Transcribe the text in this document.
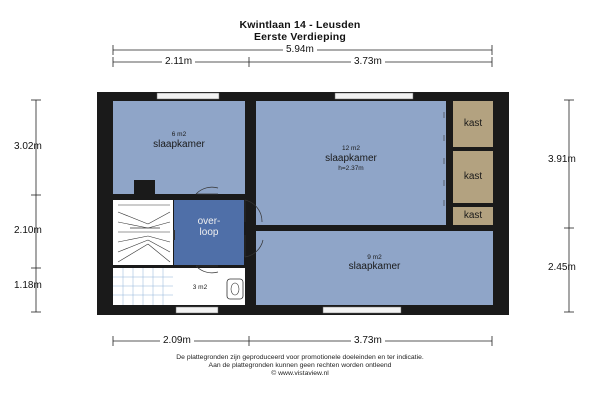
Kwintlaan 14 - Leusden
Eerste Verdieping
5.94m
2.11m	3.73m
2.09m	3.73m
3.02m
2.10m
1.18m
3.91m
2.45m
6 m2
slaapkamer	12 m2
slaapkamer
h=2.37m
9 m2
slaapkamer
over-
loop
3 m2
kast
kast
kast
De plattegronden zijn geproduceerd voor promotionele doeleinden en ter indicatie.
Aan de plattegronden kunnen geen rechten worden ontleend
© www.vistaview.nl
